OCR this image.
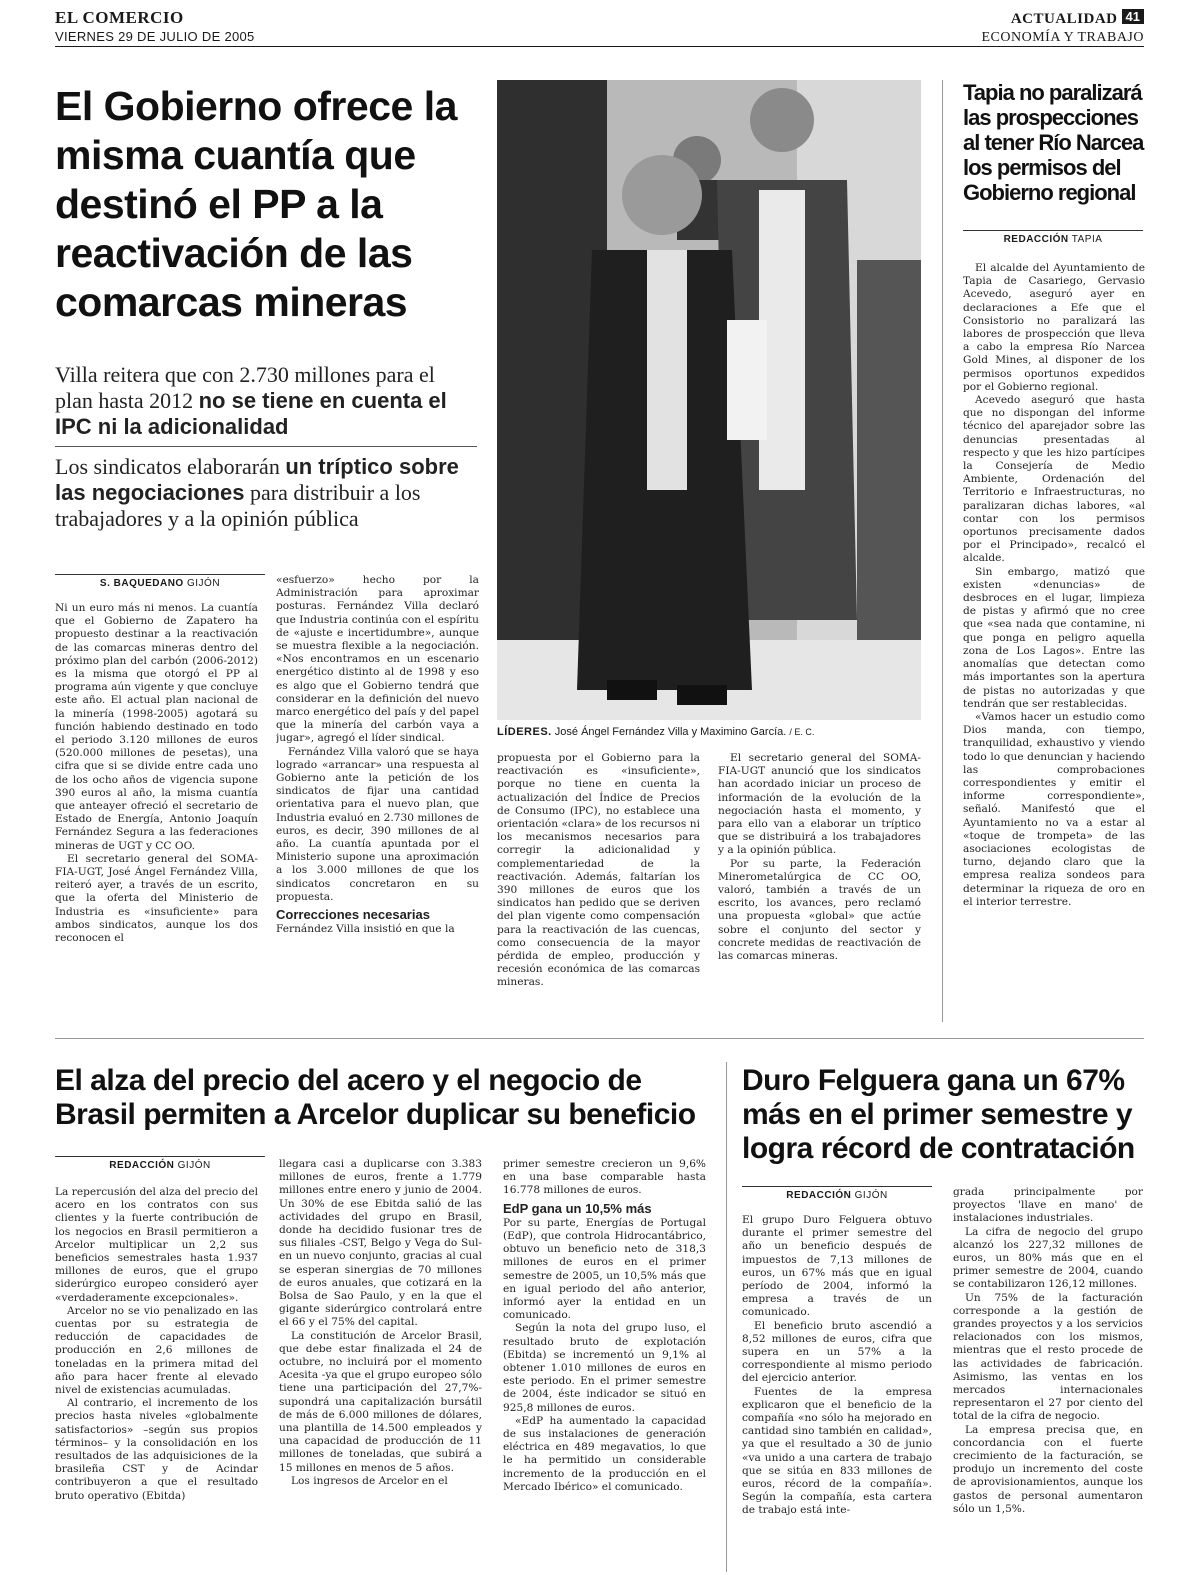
EL COMERCIO
VIERNES 29 DE JULIO DE 2005
ACTUALIDAD 41
ECONOMÍA Y TRABAJO
El Gobierno ofrece la misma cuantía que destinó el PP a la reactivación de las comarcas mineras
Villa reitera que con 2.730 millones para el plan hasta 2012 no se tiene en cuenta el IPC ni la adicionalidad
Los sindicatos elaborarán un tríptico sobre las negociaciones para distribuir a los trabajadores y a la opinión pública
LÍDERES. José Ángel Fernández Villa y Maximino García. / E. C.
S. BAQUEDANO GIJÓN

Ni un euro más ni menos. La cuantía que el Gobierno de Zapatero ha propuesto destinar a la reactivación de las comarcas mineras dentro del próximo plan del carbón (2006-2012) es la misma que otorgó el PP al programa aún vigente y que concluye este año. El actual plan nacional de la minería (1998-2005) agotará su función habiendo destinado en todo el periodo 3.120 millones de euros (520.000 millones de pesetas), una cifra que si se divide entre cada uno de los ocho años de vigencia supone 390 euros al año, la misma cuantía que anteayer ofreció el secretario de Estado de Energía, Antonio Joaquín Fernández Segura a las federaciones mineras de UGT y CC OO.

El secretario general del SOMA-FIA-UGT, José Ángel Fernández Villa, reiteró ayer, a través de un escrito, que la oferta del Ministerio de Industria es «insuficiente» para ambos sindicatos, aunque los dos reconocen el

«esfuerzo» hecho por la Administración para aproximar posturas. Fernández Villa declaró que Industria continúa con el espíritu de «ajuste e incertidumbre», aunque se muestra flexible a la negociación. «Nos encontramos en un escenario energético distinto al de 1998 y eso es algo que el Gobierno tendrá que considerar en la definición del nuevo marco energético del país y del papel que la minería del carbón vaya a jugar», agregó el líder sindical.

Fernández Villa valoró que se haya logrado «arrancar» una respuesta al Gobierno ante la petición de los sindicatos de fijar una cantidad orientativa para el nuevo plan, que Industria evaluó en 2.730 millones de euros, es decir, 390 millones de al año. La cuantía apuntada por el Ministerio supone una aproximación a los 3.000 millones de que los sindicatos concretaron en su propuesta.

Correcciones necesarias

Fernández Villa insistió en que la

propuesta por el Gobierno para la reactivación es «insuficiente», porque no tiene en cuenta la actualización del Índice de Precios de Consumo (IPC), no establece una orientación «clara» de los recursos ni los mecanismos necesarios para corregir la adicionalidad y complementariedad de la reactivación. Además, faltarían los 390 millones de euros que los sindicatos han pedido que se deriven del plan vigente como compensación para la reactivación de las cuencas, como consecuencia de la mayor pérdida de empleo, producción y recesión económica de las comarcas mineras.

El secretario general del SOMA-FIA-UGT anunció que los sindicatos han acordado iniciar un proceso de información de la evolución de la negociación hasta el momento, y para ello van a elaborar un tríptico que se distribuirá a los trabajadores y a la opinión pública.

Por su parte, la Federación Minerometalúrgica de CC OO, valoró, también a través de un escrito, los avances, pero reclamó una propuesta «global» que actúe sobre el conjunto del sector y concrete medidas de reactivación de las comarcas mineras.

Tapia no paralizará las prospecciones al tener Río Narcea los permisos del Gobierno regional
REDACCIÓN TAPIA

El alcalde del Ayuntamiento de Tapia de Casariego, Gervasio Acevedo, aseguró ayer en declaraciones a Efe que el Consistorio no paralizará las labores de prospección que lleva a cabo la empresa Río Narcea Gold Mines, al disponer de los permisos oportunos expedidos por el Gobierno regional.

Acevedo aseguró que hasta que no dispongan del informe técnico del aparejador sobre las denuncias presentadas al respecto y que les hizo partícipes la Consejería de Medio Ambiente, Ordenación del Territorio e Infraestructuras, no paralizaran dichas labores, «al contar con los permisos oportunos precisamente dados por el Principado», recalcó el alcalde.

Sin embargo, matizó que existen «denuncias» de desbroces en el lugar, limpieza de pistas y afirmó que no cree que «sea nada que contamine, ni que ponga en peligro aquella zona de Los Lagos». Entre las anomalías que detectan como más importantes son la apertura de pistas no autorizadas y que tendrán que ser restablecidas.

«Vamos hacer un estudio como Dios manda, con tiempo, tranquilidad, exhaustivo y viendo todo lo que denuncian y haciendo las comprobaciones correspondientes y emitir el informe correspondiente», señaló. Manifestó que el Ayuntamiento no va a estar al «toque de trompeta» de las asociaciones ecologistas de turno, dejando claro que la empresa realiza sondeos para determinar la riqueza de oro en el interior terrestre.

El alza del precio del acero y el negocio de Brasil permiten a Arcelor duplicar su beneficio
REDACCIÓN GIJÓN

La repercusión del alza del precio del acero en los contratos con sus clientes y la fuerte contribución de los negocios en Brasil permitieron a Arcelor multiplicar un 2,2 sus beneficios semestrales hasta 1.937 millones de euros, que el grupo siderúrgico europeo consideró ayer «verdaderamente excepcionales».

Arcelor no se vio penalizado en las cuentas por su estrategia de reducción de capacidades de producción en 2,6 millones de toneladas en la primera mitad del año para hacer frente al elevado nivel de existencias acumuladas.

Al contrario, el incremento de los precios hasta niveles «globalmente satisfactorios» –según sus propios términos– y la consolidación en los resultados de las adquisiciones de la brasileña CST y de Acindar contribuyeron a que el resultado bruto operativo (Ebitda)

llegara casi a duplicarse con 3.383 millones de euros, frente a 1.779 millones entre enero y junio de 2004. Un 30% de ese Ebitda salió de las actividades del grupo en Brasil, donde ha decidido fusionar tres de sus filiales -CST, Belgo y Vega do Sul- en un nuevo conjunto, gracias al cual se esperan sinergias de 70 millones de euros anuales, que cotizará en la Bolsa de Sao Paulo, y en la que el gigante siderúrgico controlará entre el 66 y el 75% del capital.

La constitución de Arcelor Brasil, que debe estar finalizada el 24 de octubre, no incluirá por el momento Acesita -ya que el grupo europeo sólo tiene una participación del 27,7%- supondrá una capitalización bursátil de más de 6.000 millones de dólares, una plantilla de 14.500 empleados y una capacidad de producción de 11 millones de toneladas, que subirá a 15 millones en menos de 5 años.

Los ingresos de Arcelor en el

primer semestre crecieron un 9,6% en una base comparable hasta 16.778 millones de euros.

EdP gana un 10,5% más

Por su parte, Energías de Portugal (EdP), que controla Hidrocantábrico, obtuvo un beneficio neto de 318,3 millones de euros en el primer semestre de 2005, un 10,5% más que en igual periodo del año anterior, informó ayer la entidad en un comunicado.

Según la nota del grupo luso, el resultado bruto de explotación (Ebitda) se incrementó un 9,1% al obtener 1.010 millones de euros en este periodo. En el primer semestre de 2004, éste indicador se situó en 925,8 millones de euros.

«EdP ha aumentado la capacidad de sus instalaciones de generación eléctrica en 489 megavatios, lo que le ha permitido un considerable incremento de la producción en el Mercado Ibérico» el comunicado.

Duro Felguera gana un 67% más en el primer semestre y logra récord de contratación
REDACCIÓN GIJÓN

El grupo Duro Felguera obtuvo durante el primer semestre del año un beneficio después de impuestos de 7,13 millones de euros, un 67% más que en igual período de 2004, informó la empresa a través de un comunicado.

El beneficio bruto ascendió a 8,52 millones de euros, cifra que supera en un 57% a la correspondiente al mismo periodo del ejercicio anterior.

Fuentes de la empresa explicaron que el beneficio de la compañía «no sólo ha mejorado en cantidad sino también en calidad», ya que el resultado a 30 de junio «va unido a una cartera de trabajo que se sitúa en 833 millones de euros, récord de la compañía». Según la compañía, esta cartera de trabajo está inte-

grada principalmente por proyectos 'llave en mano' de instalaciones industriales.

La cifra de negocio del grupo alcanzó los 227,32 millones de euros, un 80% más que en el primer semestre de 2004, cuando se contabilizaron 126,12 millones.

Un 75% de la facturación corresponde a la gestión de grandes proyectos y a los servicios relacionados con los mismos, mientras que el resto procede de las actividades de fabricación. Asimismo, las ventas en los mercados internacionales representaron el 27 por ciento del total de la cifra de negocio.

La empresa precisa que, en concordancia con el fuerte crecimiento de la facturación, se produjo un incremento del coste de aprovisionamientos, aunque los gastos de personal aumentaron sólo un 1,5%.
